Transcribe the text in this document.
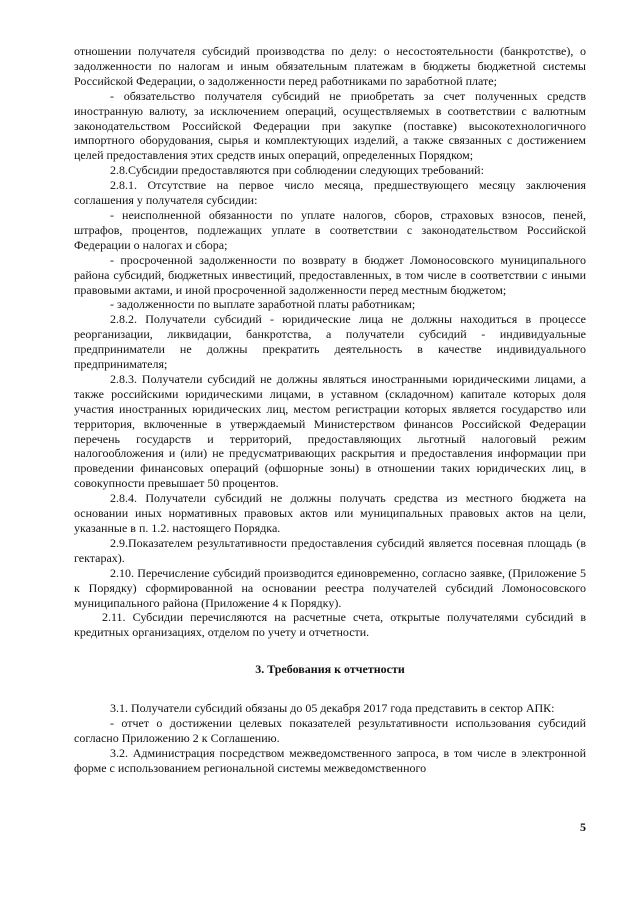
отношении получателя субсидий производства по делу: о несостоятельности (банкротстве), о задолженности по налогам и иным обязательным платежам в бюджеты бюджетной системы Российской Федерации, о задолженности перед работниками по заработной плате;

- обязательство получателя субсидий не приобретать за счет полученных средств иностранную валюту, за исключением операций, осуществляемых в соответствии с валютным законодательством Российской Федерации при закупке (поставке) высокотехнологичного импортного оборудования, сырья и комплектующих изделий, а также связанных с достижением целей предоставления этих средств иных операций, определенных Порядком;

2.8.Субсидии предоставляются при соблюдении следующих требований:

2.8.1. Отсутствие на первое число месяца, предшествующего месяцу заключения соглашения у получателя субсидии:

- неисполненной обязанности по уплате налогов, сборов, страховых взносов, пеней, штрафов, процентов, подлежащих уплате в соответствии с законодательством Российской Федерации о налогах и сбора;

- просроченной задолженности по возврату в бюджет Ломоносовского муниципального района субсидий, бюджетных инвестиций, предоставленных, в том числе в соответствии с иными правовыми актами, и иной просроченной задолженности перед местным бюджетом;

- задолженности по выплате заработной платы работникам;

2.8.2. Получатели субсидий - юридические лица не должны находиться в процессе реорганизации, ликвидации, банкротства, а получатели субсидий - индивидуальные предприниматели не должны прекратить деятельность в качестве индивидуального предпринимателя;

2.8.3. Получатели субсидий не должны являться иностранными юридическими лицами, а также российскими юридическими лицами, в уставном (складочном) капитале которых доля участия иностранных юридических лиц, местом регистрации которых является государство или территория, включенные в утверждаемый Министерством финансов Российской Федерации перечень государств и территорий, предоставляющих льготный налоговый режим налогообложения и (или) не предусматривающих раскрытия и предоставления информации при проведении финансовых операций (офшорные зоны) в отношении таких юридических лиц, в совокупности превышает 50 процентов.

2.8.4. Получатели субсидий не должны получать средства из местного бюджета на основании иных нормативных правовых актов или муниципальных правовых актов на цели, указанные в п. 1.2. настоящего Порядка.

2.9.Показателем результативности предоставления субсидий является посевная площадь (в гектарах).

2.10. Перечисление субсидий производится единовременно, согласно заявке, (Приложение 5 к Порядку) сформированной на основании реестра получателей субсидий Ломоносовского муниципального района (Приложение 4 к Порядку).

2.11. Субсидии перечисляются на расчетные счета, открытые получателями субсидий в кредитных организациях, отделом по учету и отчетности.

3. Требования к отчетности

3.1. Получатели субсидий обязаны до 05 декабря 2017 года представить в сектор АПК:

- отчет о достижении целевых показателей результативности использования субсидий согласно Приложению 2 к Соглашению.

3.2. Администрация посредством межведомственного запроса, в том числе в электронной форме с использованием региональной системы межведомственного

5
